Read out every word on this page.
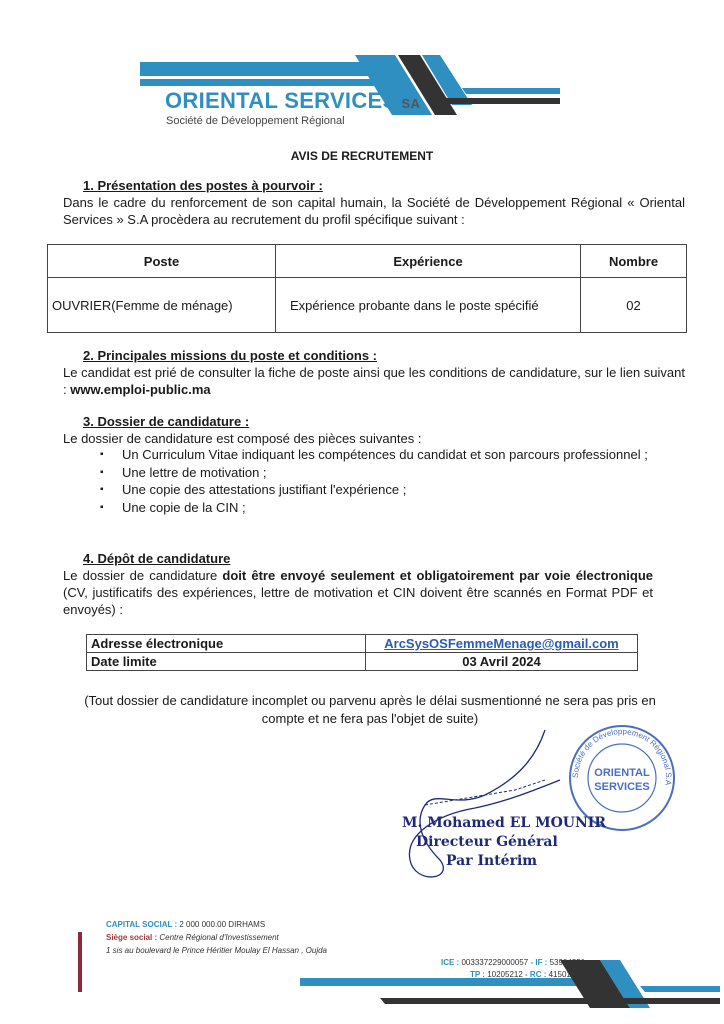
ORIENTAL SERVICES SA
Société de Développement Régional
AVIS DE RECRUTEMENT
1. Présentation des postes à pourvoir :
Dans le cadre du renforcement de son capital humain, la Société de Développement Régional « Oriental Services » S.A procèdera au recrutement du profil spécifique suivant :
Poste	Expérience	Nombre
OUVRIER(Femme de ménage)	Expérience probante dans le poste spécifié	02
2. Principales missions du poste et conditions :
Le candidat est prié de consulter la fiche de poste ainsi que les conditions de candidature, sur le lien suivant : www.emploi-public.ma
3. Dossier de candidature :
Le dossier de candidature est composé des pièces suivantes :
▪ Un Curriculum Vitae indiquant les compétences du candidat et son parcours professionnel ;
▪ Une lettre de motivation ;
▪ Une copie des attestations justifiant l'expérience ;
▪ Une copie de la CIN ;
4. Dépôt de candidature
Le dossier de candidature doit être envoyé seulement et obligatoirement par voie électronique (CV, justificatifs des expériences, lettre de motivation et CIN doivent être scannés en Format PDF et envoyés) :
Adresse électronique	ArcSysOSFemmeMenage@gmail.com
Date limite	03 Avril 2024
(Tout dossier de candidature incomplet ou parvenu après le délai susmentionné ne sera pas pris en compte et ne fera pas l'objet de suite)
Société de Développement Régional S.A
ORIENTAL
SERVICES
M. Mohamed EL MOUNIR
Directeur Général
Par Intérim
CAPITAL SOCIAL : 2 000 000.00 DIRHAMS
Siège social : Centre Régional d'Investissement
1 sis au boulevard le Prince Héritier Moulay El Hassan , Oujda
ICE : 003337229000057 - IF : 53904351
TP : 10205212 - RC : 41501
